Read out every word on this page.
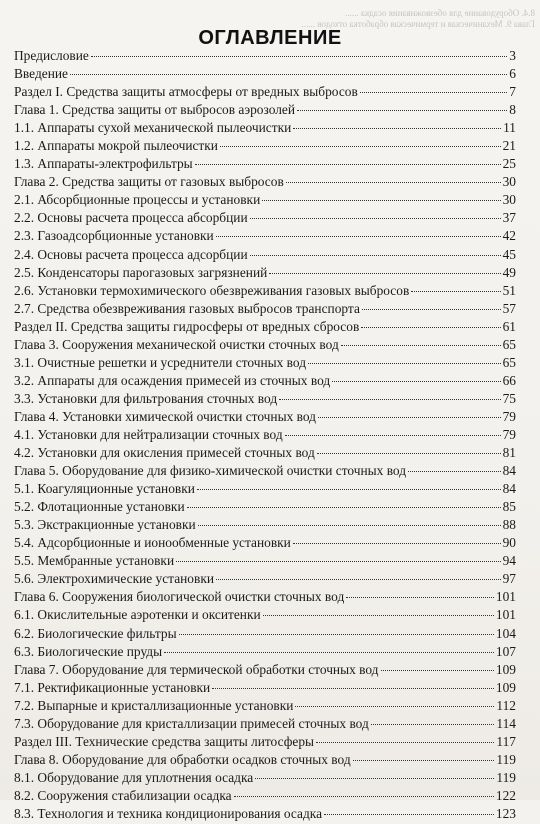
8.4. Оборудование для обезвоживания осадка ......
Глава 9. Механическая и термическая обработка отходов ......
ОГЛАВЛЕНИЕ
Предисловие	3
Введение	6
Раздел I. Средства защиты атмосферы от вредных выбросов	7
Глава 1. Средства защиты от выбросов аэрозолей	8
1.1. Аппараты сухой механической пылеочистки	11
1.2. Аппараты мокрой пылеочистки	21
1.3. Аппараты-электрофильтры	25
Глава 2. Средства защиты от газовых выбросов	30
2.1. Абсорбционные процессы и установки	30
2.2. Основы расчета процесса абсорбции	37
2.3. Газоадсорбционные установки	42
2.4. Основы расчета процесса адсорбции	45
2.5. Конденсаторы парогазовых загрязнений	49
2.6. Установки термохимического обезвреживания газовых выбросов	51
2.7. Средства обезвреживания газовых выбросов транспорта	57
Раздел II. Средства защиты гидросферы от вредных сбросов	61
Глава 3. Сооружения механической очистки сточных вод	65
3.1. Очистные решетки и усреднители сточных вод	65
3.2. Аппараты для осаждения примесей из сточных вод	66
3.3. Установки для фильтрования сточных вод	75
Глава 4. Установки химической очистки сточных вод	79
4.1. Установки для нейтрализации сточных вод	79
4.2. Установки для окисления примесей сточных вод	81
Глава 5. Оборудование для физико-химической очистки сточных вод	84
5.1. Коагуляционные установки	84
5.2. Флотационные установки	85
5.3. Экстракционные установки	88
5.4. Адсорбционные и ионообменные установки	90
5.5. Мембранные установки	94
5.6. Электрохимические установки	97
Глава 6. Сооружения биологической очистки сточных вод	101
6.1. Окислительные аэротенки и окситенки	101
6.2. Биологические фильтры	104
6.3. Биологические пруды	107
Глава 7. Оборудование для термической обработки сточных вод	109
7.1. Ректификационные установки	109
7.2. Выпарные и кристаллизационные установки	112
7.3. Оборудование для кристаллизации примесей сточных вод	114
Раздел III. Технические средства защиты литосферы	117
Глава 8. Оборудование для обработки осадков сточных вод	119
8.1. Оборудование для уплотнения осадка	119
8.2. Сооружения стабилизации осадка	122
8.3. Технология и техника кондиционирования осадка	123
